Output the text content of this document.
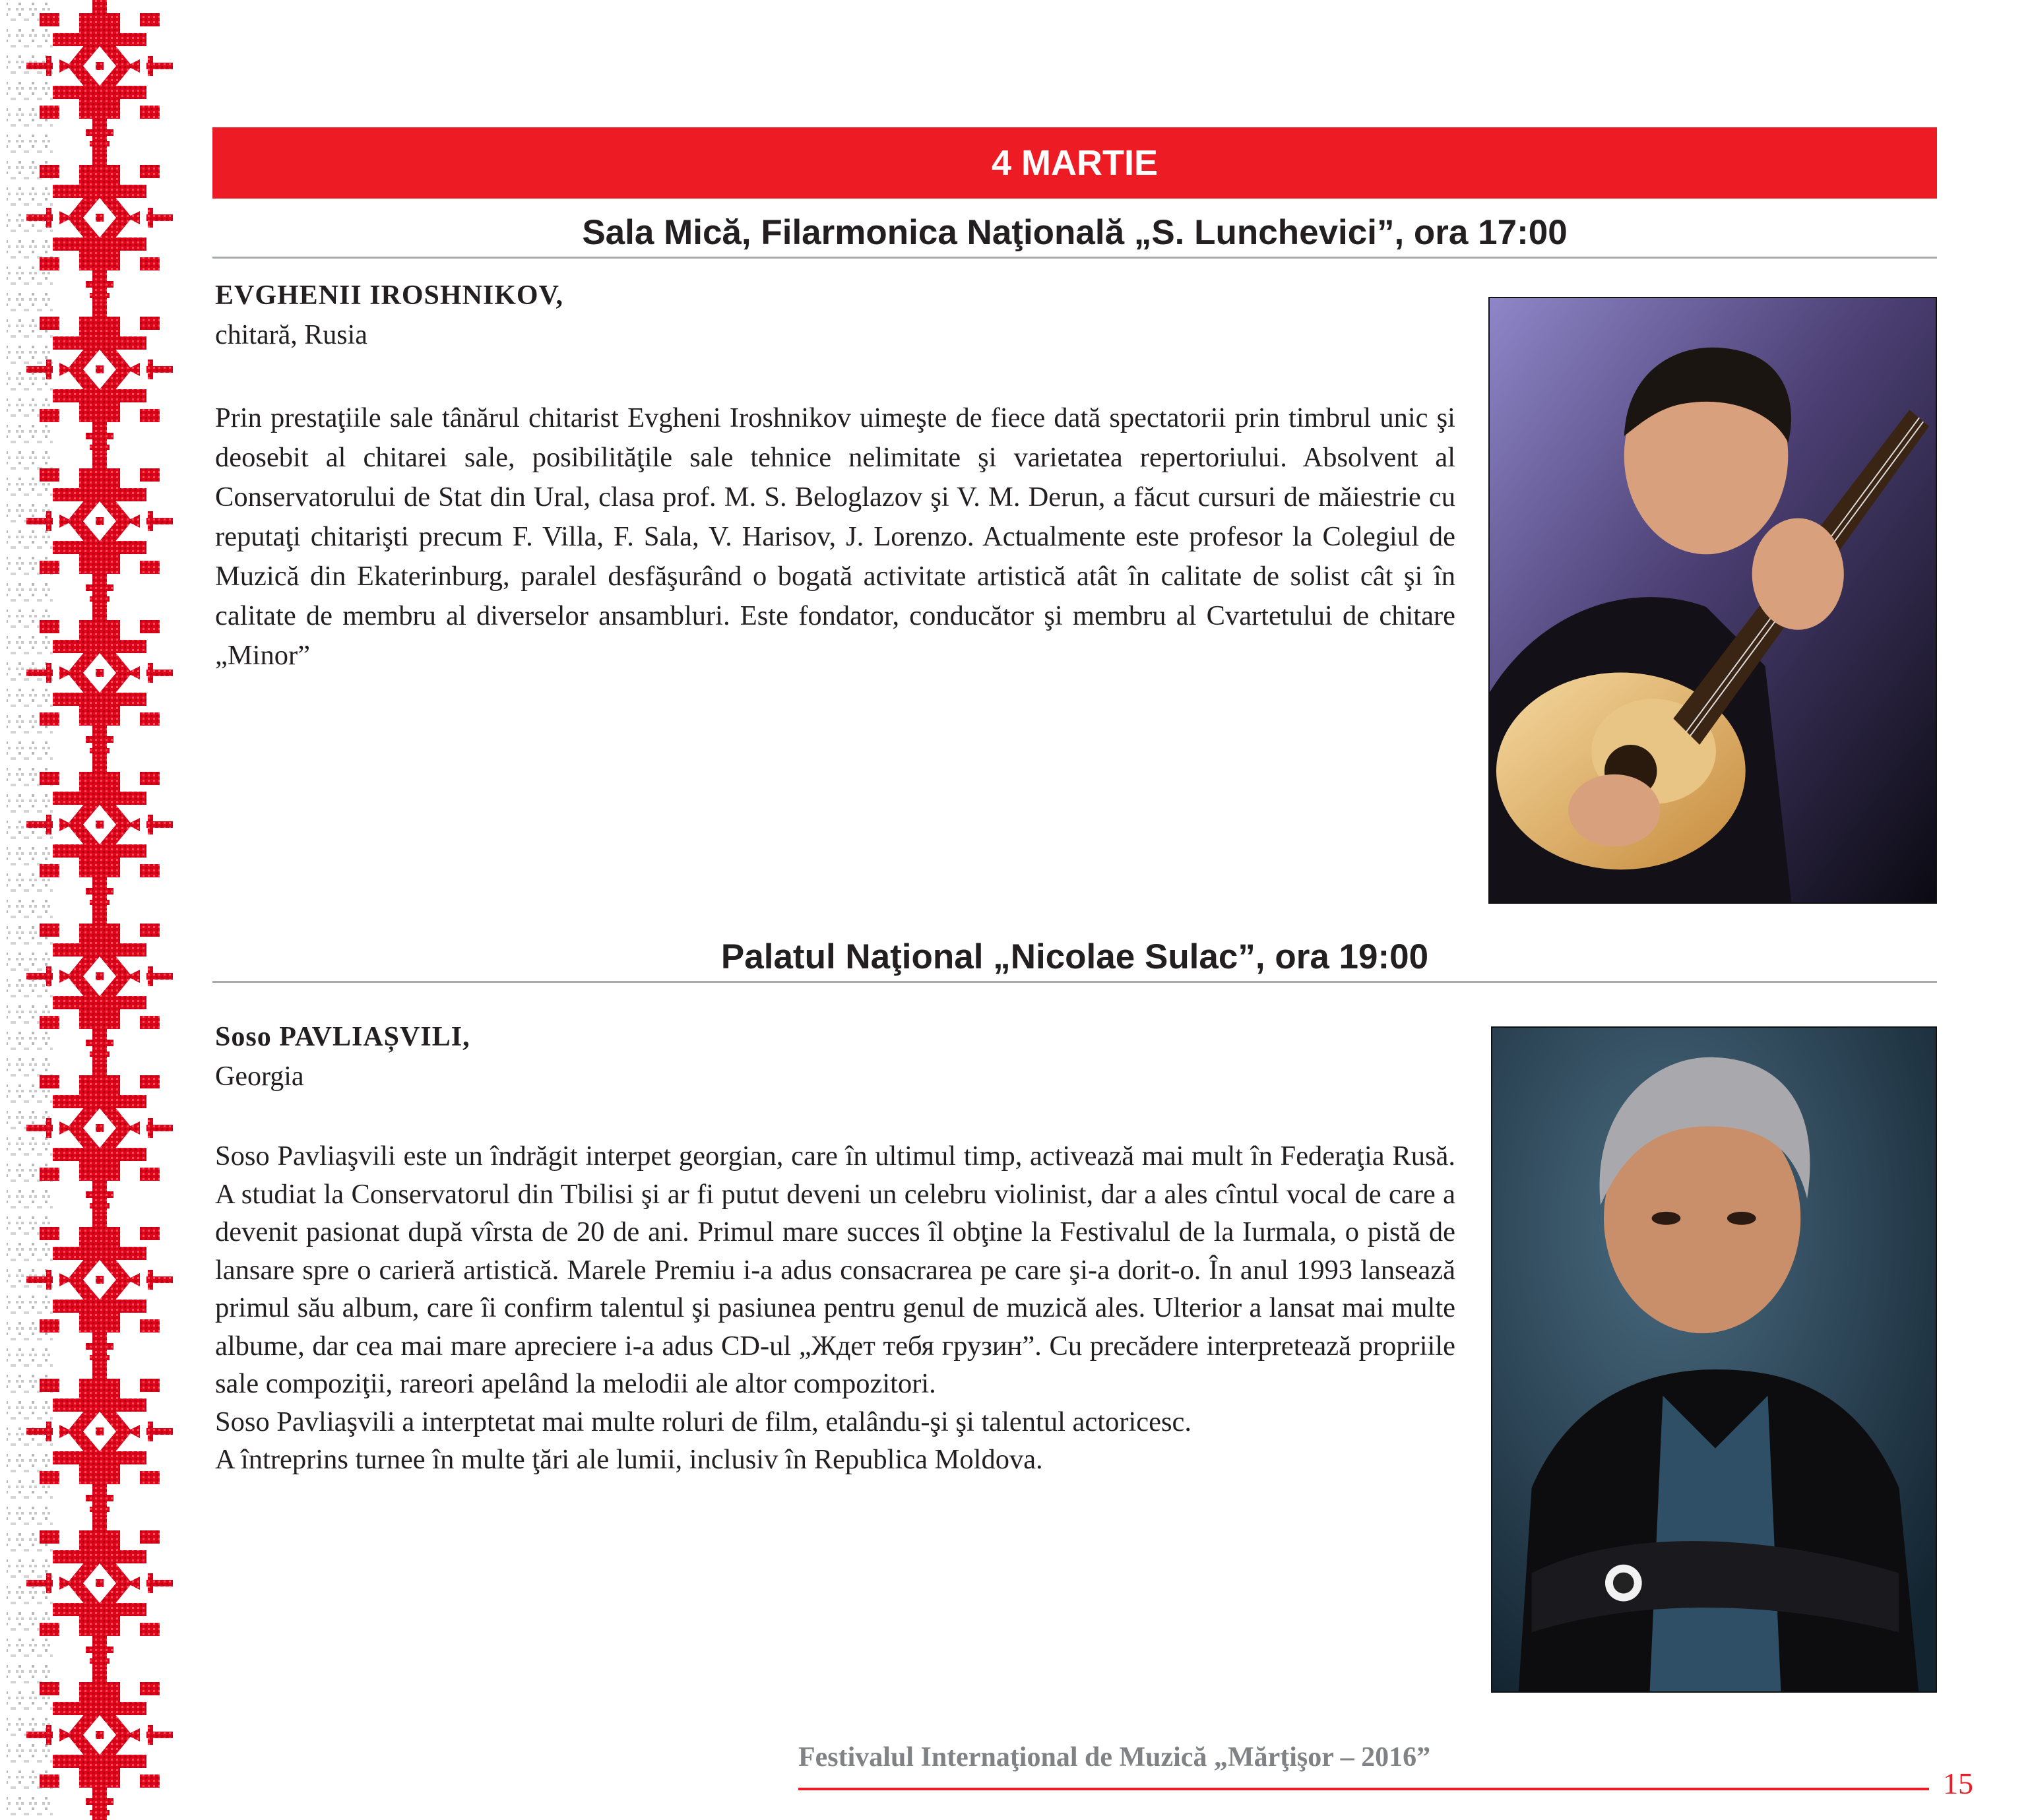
4 MARTIE
Sala Mică, Filarmonica Naţională „S. Lunchevici”, ora 17:00
EVGHENII IROSHNIKOV,
chitară, Rusia

Prin prestaţiile sale tânărul chitarist Evgheni Iroshnikov uimeşte de fiece dată spectatorii prin timbrul unic şi deosebit al chitarei sale, posibilităţile sale tehnice nelimitate şi varietatea repertoriului. Absolvent al Conservatorului de Stat din Ural, clasa prof. M. S. Beloglazov şi V. M. Derun, a făcut cursuri de măiestrie cu reputaţi chitarişti precum F. Villa, F. Sala, V. Harisov, J. Lorenzo. Actualmente este profesor la Colegiul de Muzică din Ekaterinburg, paralel desfăşurând o bogată activitate artistică atât în calitate de solist cât şi în calitate de membru al diverselor ansambluri. Este fondator, conducător şi membru al Cvartetului de chitare „Minor”

Palatul Naţional „Nicolae Sulac”, ora 19:00
Soso PAVLIAȘVILI,
Georgia

Soso Pavliaşvili este un îndrăgit interpet georgian, care în ultimul timp, activează mai mult în Federaţia Rusă. A studiat la Conservatorul din Tbilisi şi ar fi putut deveni un celebru violinist, dar a ales cîntul vocal de care a devenit pasionat după vîrsta de 20 de ani. Primul mare succes îl obţine la Festivalul de la Iurmala, o pistă de lansare spre o carieră artistică. Marele Premiu i-a adus consacrarea pe care şi-a dorit-o. În anul 1993 lansează primul său album, care îi confirm talentul şi pasiunea pentru genul de muzică ales. Ulterior a lansat mai multe albume, dar cea mai mare apreciere i-a adus CD-ul „Ждет тебя грузин”. Cu precădere interpretează propriile sale compoziţii, rareori apelând la melodii ale altor compozitori.

Soso Pavliaşvili a interptetat mai multe roluri de film, etalându-şi şi talentul actoricesc.

A întreprins turnee în multe ţări ale lumii, inclusiv în Republica Moldova.

Festivalul Internaţional de Muzică „Mărţişor – 2016”
15
